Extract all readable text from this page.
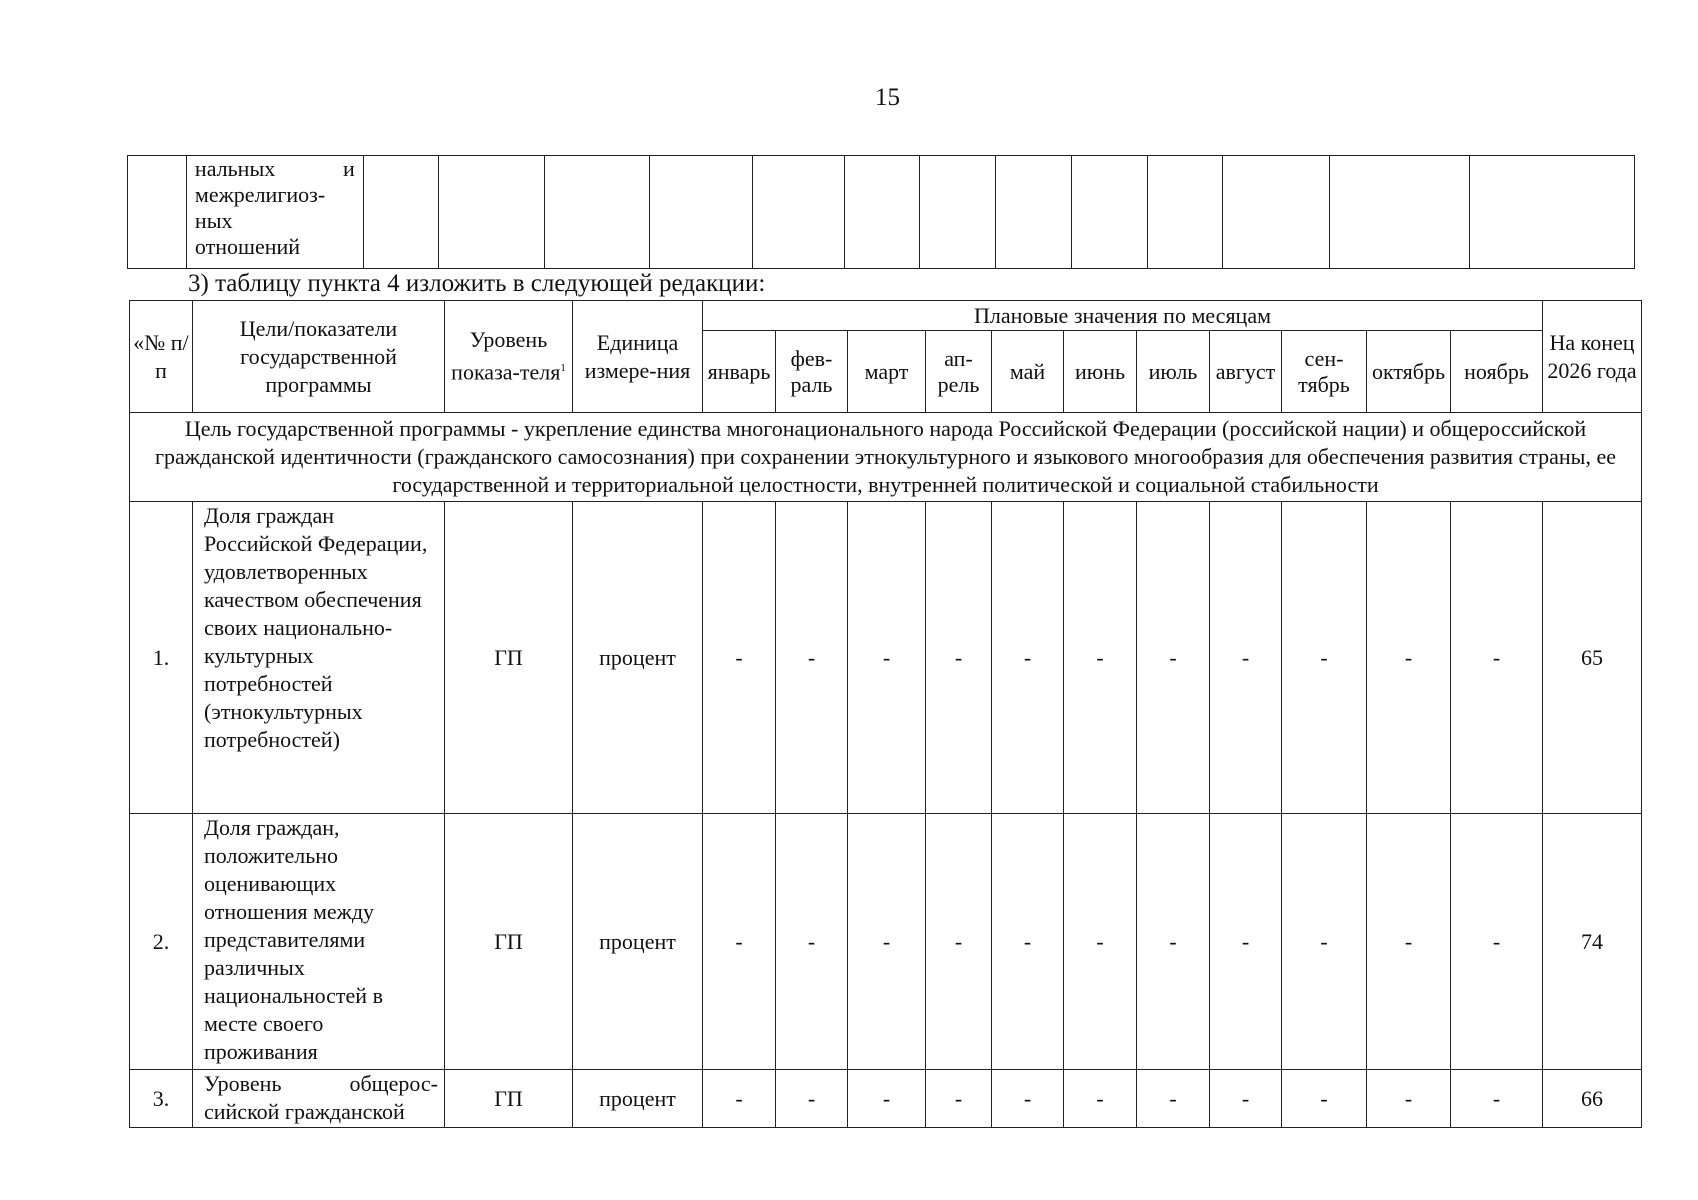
15

нальных	и
межрелигиоз-
ных
отношений

3) таблицу пункта 4 изложить в следующей редакции:
«№ п/п	Цели/показатели государственной программы	Уровень показа-теля$^1$	Единица измере-ния	Плановые значения по месяцам											На конец 2026 года
				январь	фев-раль	март	ап-рель	май	июнь	июль	август	сен-тябрь	октябрь	ноябрь	
Цель государственной программы - укрепление единства многонационального народа Российской Федерации (российской нации) и общероссийской гражданской идентичности (гражданского самосознания) при сохранении этнокультурного и языкового многообразия для обеспечения развития страны, ее государственной и территориальной целостности, внутренней политической и социальной стабильности															
1.	Доля граждан Российской Федерации, удовлетворенных качеством обеспечения своих национально-культурных потребностей (этнокультурных потребностей)	ГП	процент	-	-	-	-	-	-	-	-	-	-	-	65
2.	Доля граждан, положительно оценивающих отношения между представителями различных национальностей в месте своего проживания	ГП	процент	-	-	-	-	-	-	-	-	-	-	-	74
3.	Уровень общерос-
сийской гражданской	ГП	процент	-	-	-	-	-	-	-	-	-	-	-	66
